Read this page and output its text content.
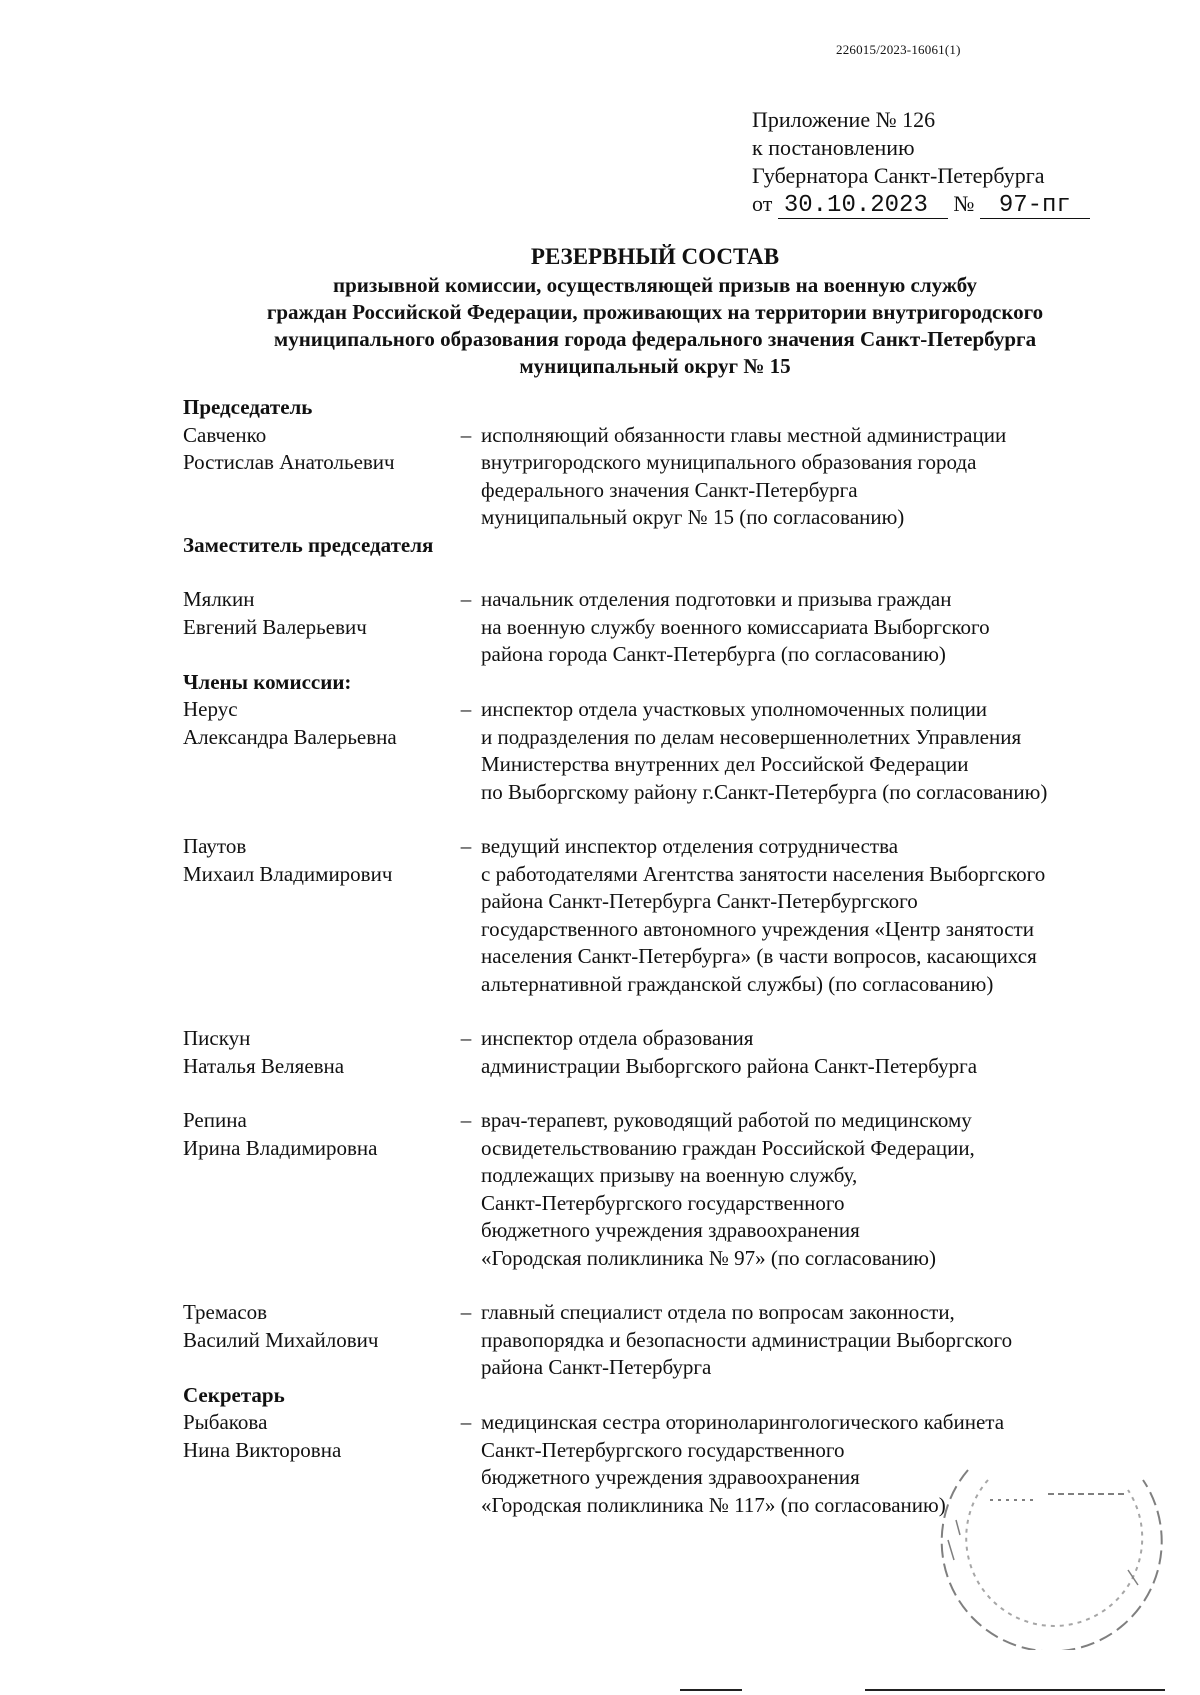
226015/2023-16061(1)
Приложение № 126
к постановлению
Губернатора Санкт-Петербурга
от 30.10.2023 № 97-пг
РЕЗЕРВНЫЙ СОСТАВ
призывной комиссии, осуществляющей призыв на военную службу
граждан Российской Федерации, проживающих на территории внутригородского
муниципального образования города федерального значения Санкт-Петербурга
муниципальный округ № 15
Председатель
Савченко
Ростислав Анатольевич
– исполняющий обязанности главы местной администрации
внутригородского муниципального образования города
федерального значения Санкт-Петербурга
муниципальный округ № 15 (по согласованию)
Заместитель председателя
Мялкин
Евгений Валерьевич
– начальник отделения подготовки и призыва граждан
на военную службу военного комиссариата Выборгского
района города Санкт-Петербурга (по согласованию)
Члены комиссии:
Нерус
Александра Валерьевна
– инспектор отдела участковых уполномоченных полиции
и подразделения по делам несовершеннолетних Управления
Министерства внутренних дел Российской Федерации
по Выборгскому району г.Санкт-Петербурга (по согласованию)
Паутов
Михаил Владимирович
– ведущий инспектор отделения сотрудничества
с работодателями Агентства занятости населения Выборгского
района Санкт-Петербурга Санкт-Петербургского
государственного автономного учреждения «Центр занятости
населения Санкт-Петербурга» (в части вопросов, касающихся
альтернативной гражданской службы) (по согласованию)
Пискун
Наталья Веляевна
– инспектор отдела образования
администрации Выборгского района Санкт-Петербурга
Репина
Ирина Владимировна
– врач-терапевт, руководящий работой по медицинскому
освидетельствованию граждан Российской Федерации,
подлежащих призыву на военную службу,
Санкт-Петербургского государственного
бюджетного учреждения здравоохранения
«Городская поликлиника № 97» (по согласованию)
Тремасов
Василий Михайлович
– главный специалист отдела по вопросам законности,
правопорядка и безопасности администрации Выборгского
района Санкт-Петербурга
Секретарь
Рыбакова
Нина Викторовна
– медицинская сестра оториноларингологического кабинета
Санкт-Петербургского государственного
бюджетного учреждения здравоохранения
«Городская поликлиника № 117» (по согласованию)
